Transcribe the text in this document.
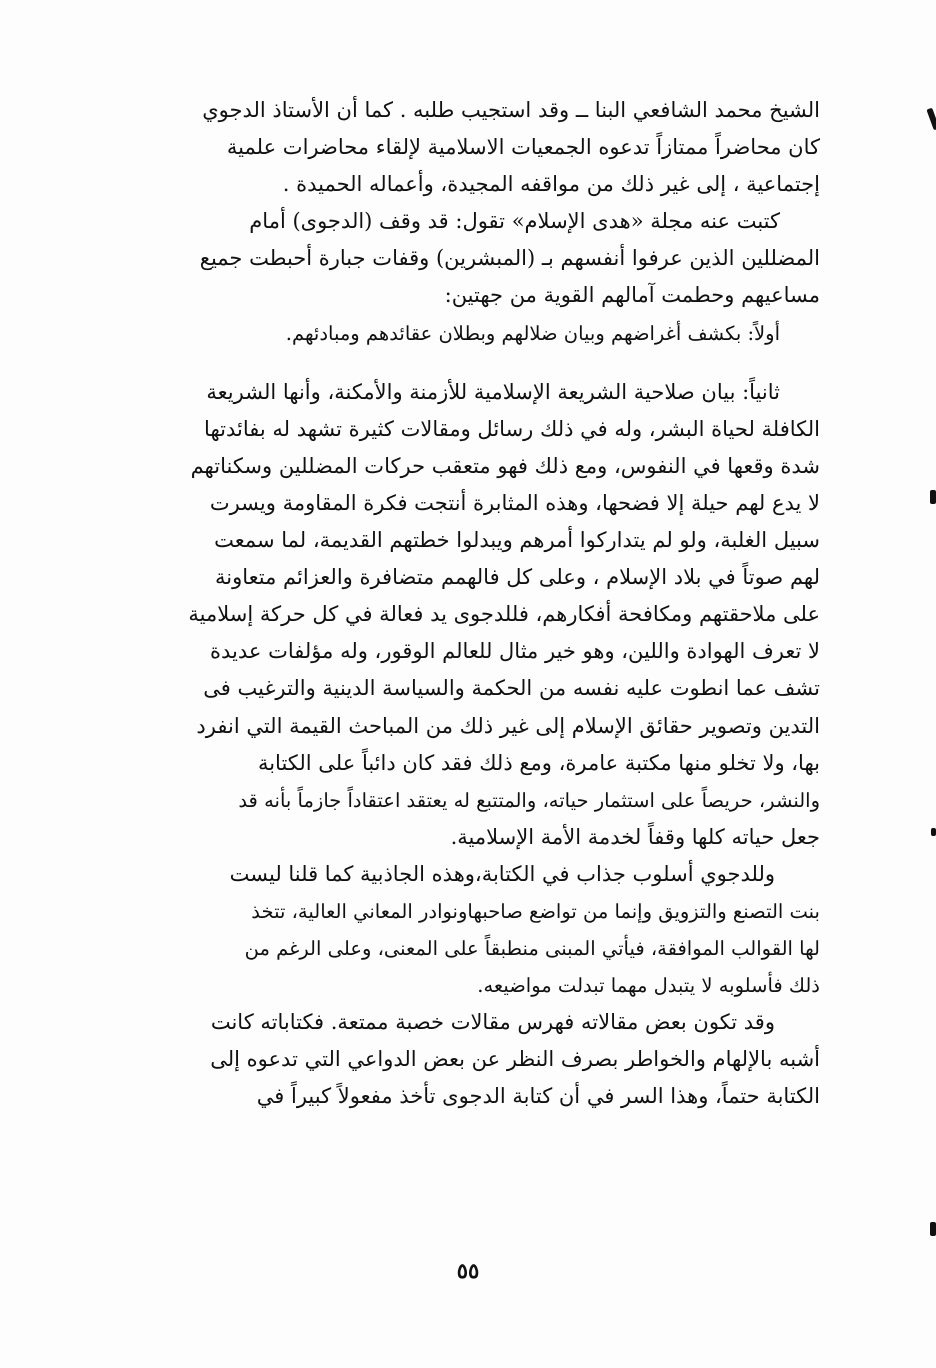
الشيخ محمد الشافعي البنا ــ وقد استجيب طلبه . كما أن الأستاذ الدجوي
كان محاضراً ممتازاً تدعوه الجمعيات الاسلامية لإلقاء محاضرات علمية
إجتماعية ، إلى غير ذلك من مواقفه المجيدة، وأعماله الحميدة .
كتبت عنه مجلة «هدى الإسلام» تقول: قد وقف (الدجوى) أمام
المضللين الذين عرفوا أنفسهم بـ (المبشرين) وقفات جبارة أحبطت جميع
مساعيهم وحطمت آمالهم القوية من جهتين:
أولاً: بكشف أغراضهم وبيان ضلالهم وبطلان عقائدهم ومبادئهم.
ثانياً: بيان صلاحية الشريعة الإسلامية للأزمنة والأمكنة، وأنها الشريعة
الكافلة لحياة البشر، وله في ذلك رسائل ومقالات كثيرة تشهد له بفائدتها
شدة وقعها في النفوس، ومع ذلك فهو متعقب حركات المضللين وسكناتهم
لا يدع لهم حيلة إلا فضحها، وهذه المثابرة أنتجت فكرة المقاومة ويسرت
سبيل الغلبة، ولو لم يتداركوا أمرهم ويبدلوا خطتهم القديمة، لما سمعت
لهم صوتاً في بلاد الإسلام ، وعلى كل فالهمم متضافرة والعزائم متعاونة
على ملاحقتهم ومكافحة أفكارهم، فللدجوى يد فعالة في كل حركة إسلامية
لا تعرف الهوادة واللين، وهو خير مثال للعالم الوقور، وله مؤلفات عديدة
تشف عما انطوت عليه نفسه من الحكمة والسياسة الدينية والترغيب فى
التدين وتصوير حقائق الإسلام إلى غير ذلك من المباحث القيمة التي انفرد
بها، ولا تخلو منها مكتبة عامرة، ومع ذلك فقد كان دائباً على الكتابة
والنشر، حريصاً على استثمار حياته، والمتتبع له يعتقد اعتقاداً جازماً بأنه قد
جعل حياته كلها وقفاً لخدمة الأمة الإسلامية.
وللدجوي أسلوب جذاب في الكتابة،وهذه الجاذبية كما قلنا ليست
بنت التصنع والتزويق وإنما من تواضع صاحبهاونوادر المعاني العالية، تتخذ
لها القوالب الموافقة، فيأتي المبنى منطبقاً على المعنى، وعلى الرغم من
ذلك فأسلوبه لا يتبدل مهما تبدلت مواضيعه.
وقد تكون بعض مقالاته فهرس مقالات خصبة ممتعة. فكتاباته كانت
أشبه بالإلهام والخواطر بصرف النظر عن بعض الدواعي التي تدعوه إلى
الكتابة حتماً، وهذا السر في أن كتابة الدجوى تأخذ مفعولاً كبيراً في
٥٥
